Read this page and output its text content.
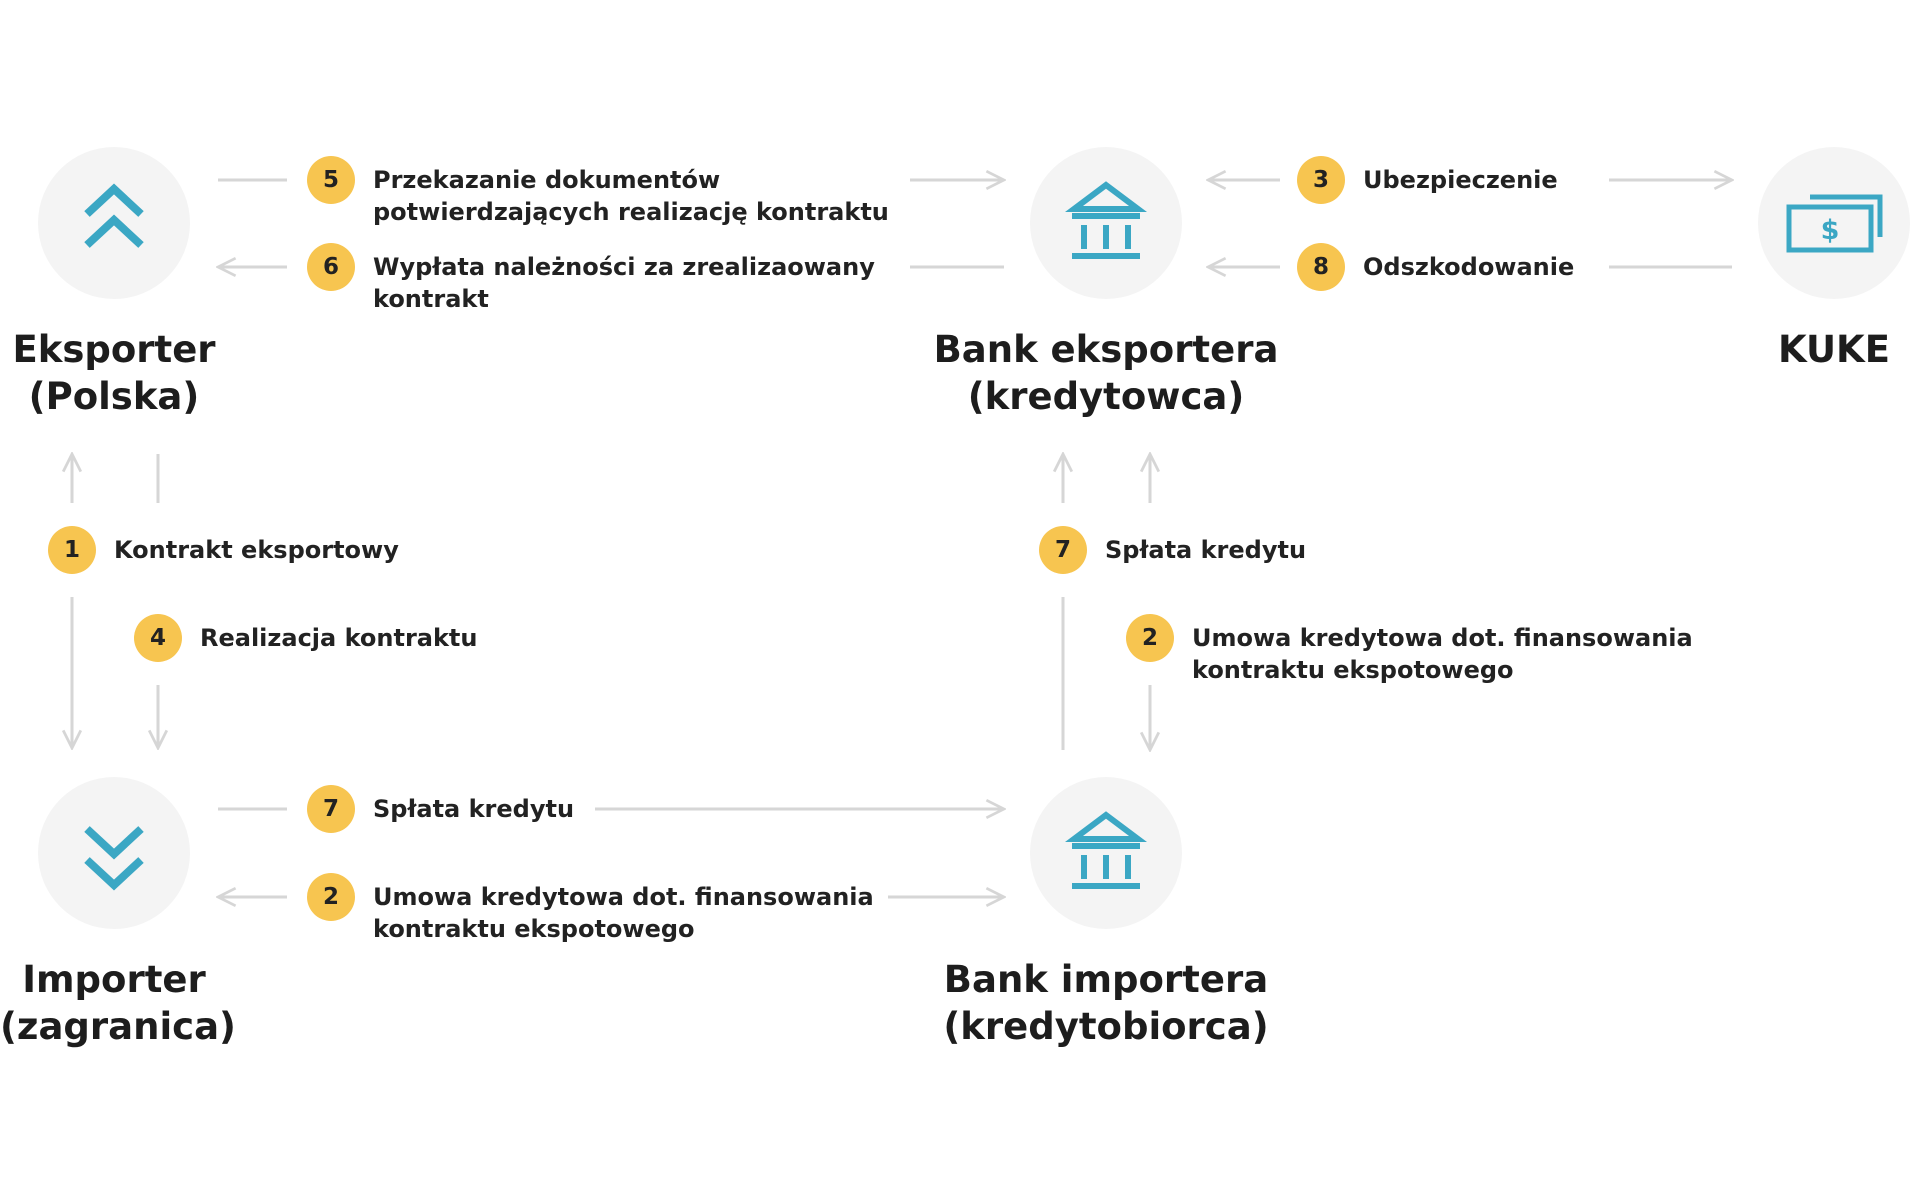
Eksporter
(Polska)
Bank eksportera
(kredytowca)
$
KUKE
Importer
(zagranica)
Bank importera
(kredytobiorca)
5	Przekazanie dokumentów
potwierdzających realizację kontraktu
6	Wypłata należności za zrealizaowany
kontrakt
3	Ubezpieczenie
8	Odszkodowanie
1	Kontrakt eksportowy
4	Realizacja kontraktu
7	Spłata kredytu
2	Umowa kredytowa dot. finansowania
kontraktu ekspotowego
7	Spłata kredytu
2	Umowa kredytowa dot. finansowania
kontraktu ekspotowego
